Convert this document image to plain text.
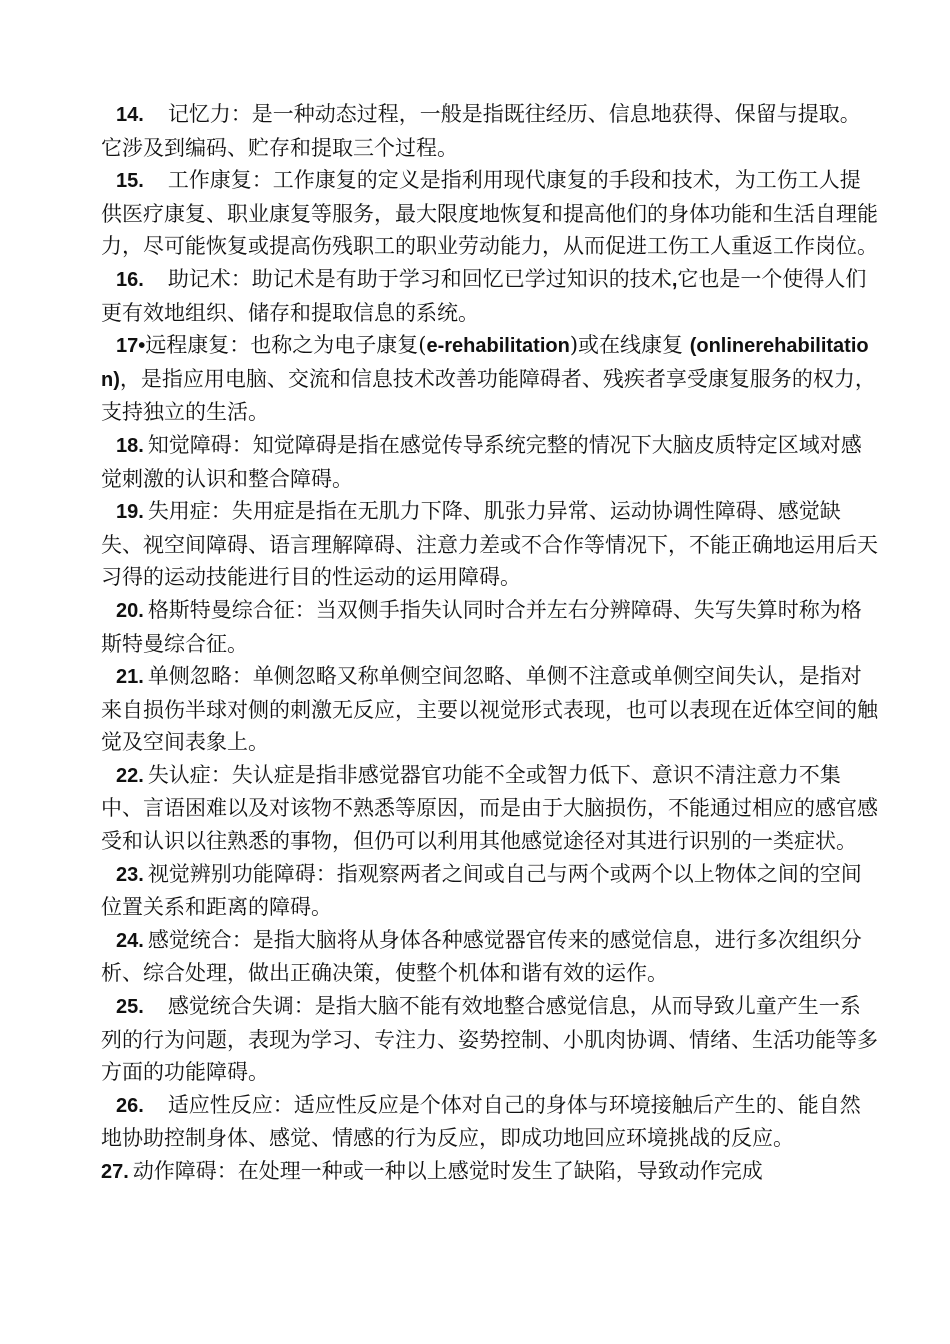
14. 记忆力：是一种动态过程，一般是指既往经历、信息地获得、保留与提取。它涉及到编码、贮存和提取三个过程。

15. 工作康复：工作康复的定义是指利用现代康复的手段和技术，为工伤工人提供医疗康复、职业康复等服务，最大限度地恢复和提高他们的身体功能和生活自理能力，尽可能恢复或提高伤残职工的职业劳动能力，从而促进工伤工人重返工作岗位。

16. 助记术：助记术是有助于学习和回忆已学过知识的技术,它也是一个使得人们更有效地组织、储存和提取信息的系统。

17•远程康复：也称之为电子康复(e-rehabilitation)或在线康复 (onlinerehabilitation)，是指应用电脑、交流和信息技术改善功能障碍者、残疾者享受康复服务的权力，支持独立的生活。

18. 知觉障碍：知觉障碍是指在感觉传导系统完整的情况下大脑皮质特定区域对感觉刺激的认识和整合障碍。

19. 失用症：失用症是指在无肌力下降、肌张力异常、运动协调性障碍、感觉缺失、视空间障碍、语言理解障碍、注意力差或不合作等情况下，不能正确地运用后天习得的运动技能进行目的性运动的运用障碍。

20. 格斯特曼综合征：当双侧手指失认同时合并左右分辨障碍、失写失算时称为格斯特曼综合征。

21. 单侧忽略：单侧忽略又称单侧空间忽略、单侧不注意或单侧空间失认，是指对来自损伤半球对侧的刺激无反应，主要以视觉形式表现，也可以表现在近体空间的触觉及空间表象上。

22. 失认症：失认症是指非感觉器官功能不全或智力低下、意识不清注意力不集中、言语困难以及对该物不熟悉等原因，而是由于大脑损伤，不能通过相应的感官感受和认识以往熟悉的事物，但仍可以利用其他感觉途径对其进行识别的一类症状。

23. 视觉辨别功能障碍：指观察两者之间或自己与两个或两个以上物体之间的空间位置关系和距离的障碍。

24. 感觉统合：是指大脑将从身体各种感觉器官传来的感觉信息，进行多次组织分析、综合处理，做出正确决策，使整个机体和谐有效的运作。

25. 感觉统合失调：是指大脑不能有效地整合感觉信息，从而导致儿童产生一系列的行为问题，表现为学习、专注力、姿势控制、小肌肉协调、情绪、生活功能等多方面的功能障碍。

26. 适应性反应：适应性反应是个体对自己的身体与环境接触后产生的、能自然地协助控制身体、感觉、情感的行为反应，即成功地回应环境挑战的反应。

27. 动作障碍：在处理一种或一种以上感觉时发生了缺陷，导致动作完成
